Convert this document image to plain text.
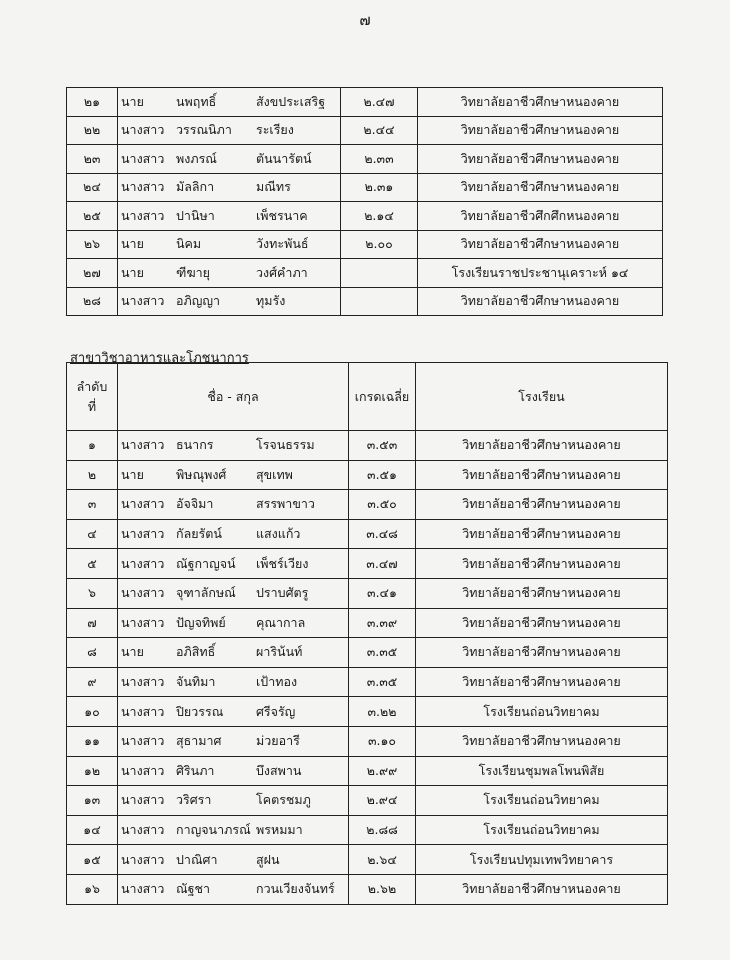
๗
๒๑	นาย นพฤทธิ์ สังขประเสริฐ	๒.๔๗	วิทยาลัยอาชีวศึกษาหนองคาย
๒๒	นางสาว วรรณนิภา ระเรียง	๒.๔๔	วิทยาลัยอาชีวศึกษาหนองคาย
๒๓	นางสาว พงภรณ์ ตันนารัตน์	๒.๓๓	วิทยาลัยอาชีวศึกษาหนองคาย
๒๔	นางสาว มัลลิกา มณีทร	๒.๓๑	วิทยาลัยอาชีวศึกษาหนองคาย
๒๕	นางสาว ปานิษา เพ็ชรนาค	๒.๑๔	วิทยาลัยอาชีวศึกศึกหนองคาย
๒๖	นาย นิคม วังทะพันธ์	๒.๐๐	วิทยาลัยอาชีวศึกษาหนองคาย
๒๗	นาย ฑีฆายุ วงศ์คำภา		โรงเรียนราชประชานุเคราะห์ ๑๔
๒๘	นางสาว อภิญญา ทุมรัง		วิทยาลัยอาชีวศึกษาหนองคาย
สาขาวิชาอาหารและโภชนาการ
ลำดับ
ที่	ชื่อ - สกุล	เกรดเฉลี่ย	โรงเรียน
๑	นางสาว ธนากร โรจนธรรม	๓.๕๓	วิทยาลัยอาชีวศึกษาหนองคาย
๒	นาย พิษณุพงศ์ สุขเทพ	๓.๕๑	วิทยาลัยอาชีวศึกษาหนองคาย
๓	นางสาว อัจจิมา สรรพาขาว	๓.๕๐	วิทยาลัยอาชีวศึกษาหนองคาย
๔	นางสาว กัลยรัตน์ แสงแก้ว	๓.๔๘	วิทยาลัยอาชีวศึกษาหนองคาย
๕	นางสาว ณัฐกาญจน์ เพ็ชร์เวียง	๓.๔๗	วิทยาลัยอาชีวศึกษาหนองคาย
๖	นางสาว จุฑาลักษณ์ ปราบศัตรู	๓.๔๑	วิทยาลัยอาชีวศึกษาหนองคาย
๗	นางสาว ปัญจทิพย์ คุณากาล	๓.๓๙	วิทยาลัยอาชีวศึกษาหนองคาย
๘	นาย อภิสิทธิ์ ผาริน้นท์	๓.๓๕	วิทยาลัยอาชีวศึกษาหนองคาย
๙	นางสาว จันทิมา เป้าทอง	๓.๓๕	วิทยาลัยอาชีวศึกษาหนองคาย
๑๐	นางสาว ปิยวรรณ ศรีจรัญ	๓.๒๒	โรงเรียนถ่อนวิทยาคม
๑๑	นางสาว สุธามาศ ม่วยอารี	๓.๑๐	วิทยาลัยอาชีวศึกษาหนองคาย
๑๒	นางสาว ศิรินภา บึงสพาน	๒.๙๙	โรงเรียนชุมพลโพนพิสัย
๑๓	นางสาว วริศรา โคตรชมภู	๒.๙๔	โรงเรียนถ่อนวิทยาคม
๑๔	นางสาว กาญจนาภรณ์ พรหมมา	๒.๘๘	โรงเรียนถ่อนวิทยาคม
๑๕	นางสาว ปาณิศา สูฝน	๒.๖๔	โรงเรียนปทุมเทพวิทยาคาร
๑๖	นางสาว ณัฐชา กวนเวียงจันทร์	๒.๖๒	วิทยาลัยอาชีวศึกษาหนองคาย
